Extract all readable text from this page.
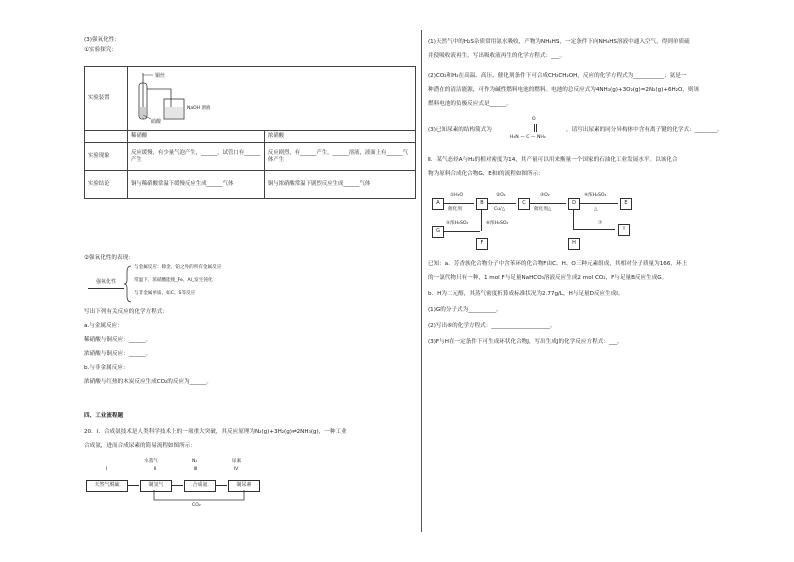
(3)强氧化性：
①实验探究：
实验装置	铜丝
硝酸
NaOH 溶液	

	稀硝酸	浓硝酸
实验现象	反应缓慢，有少量气泡产生，______，试管口有______产生	反应剧烈，有______产生，______溶液，液面上有______气体产生
实验结论	铜与稀硝酸常温下缓慢反应生成______气体	铜与浓硝酸常温下剧烈反应生成______气体
②强氧化性的表现：
强氧化性
与金属反应：除金、铂之外的所有金属反应
常温下，浓硝酸能使_Fe、Al_发生钝化
与非金属单质、如C、S等反应
写出下列有关反应的化学方程式：
a.与金属反应：
稀硝酸与铜反应：______。
浓硝酸与铜反应：______。
b.与非金属反应：
浓硝酸与红热的木炭反应生成CO₂的反应为______。
四、工业流程题
20．Ⅰ．合成氨技术是人类科学技术上的一项重大突破，其反应原理为N₂(g)+3H₂(g)⇌2NH₃(g)，一种工业
合成氨，进而合成尿素的简易流程如图所示：
Ⅰ	Ⅱ	Ⅲ	Ⅳ
水蒸气	N₂	尿素
天然气脱硫	制氢气	合成氨	制尿素
CO₂
(1)天然气中的H₂S杂质常用氨水吸收，产物为NH₄HS，一定条件下向NH₄HS溶液中通入空气，得到单质硫
并使吸收液再生，写出吸收液再生的化学方程式：___。
(2)CO₂和H₂在高温、高压、催化剂条件下可合成CH₃CH₂OH，反应的化学方程式为___________；氨是一
种潜在的清洁能源，可作为碱性燃料电池的燃料。电池的总反应式为4NH₃(g)+3O₂(g)=2N₂(g)+6H₂O，则该
燃料电池的负极反应式是______。
(3)已知尿素的结构简式为
O
H₂N — C — NH₂
，请写出尿素的同分异构体中含有离子键的化学式：________。
Ⅱ．某气态烃A与H₂的相对密度为14，其产量可以用来衡量一个国家的石油化工业发展水平。以该化合
物为原料合成化合物G、E和I的流程如图所示：
A
①H₂O
催化剂
B
②O₂
Cu/△
C
③O₂
催化剂△
D
④浓H₂SO₄
△
E
G
⑤浓H₂SO₄	⑥浓H₂SO₄
F
⑦
H
I
已知：a．芳香族化合物分子中含苯环的化合物F由C、H、O三种元素组成，其相对分子质量为166，环上
的一氯代物只有一种，1 mol F与足量NaHCO₃溶液反应生成2 mol CO₂，F与足量B反应生成G。
b．H为二元醇，其蒸气密度折算成标准状况为2.77g/L，H与足量D反应生成I。
(1)G的分子式为__________。
(2)写出⑥的化学方程式：_____________________。
(3)F与H在一定条件下可生成环状化合物J，写出生成J的化学反应方程式：___。
